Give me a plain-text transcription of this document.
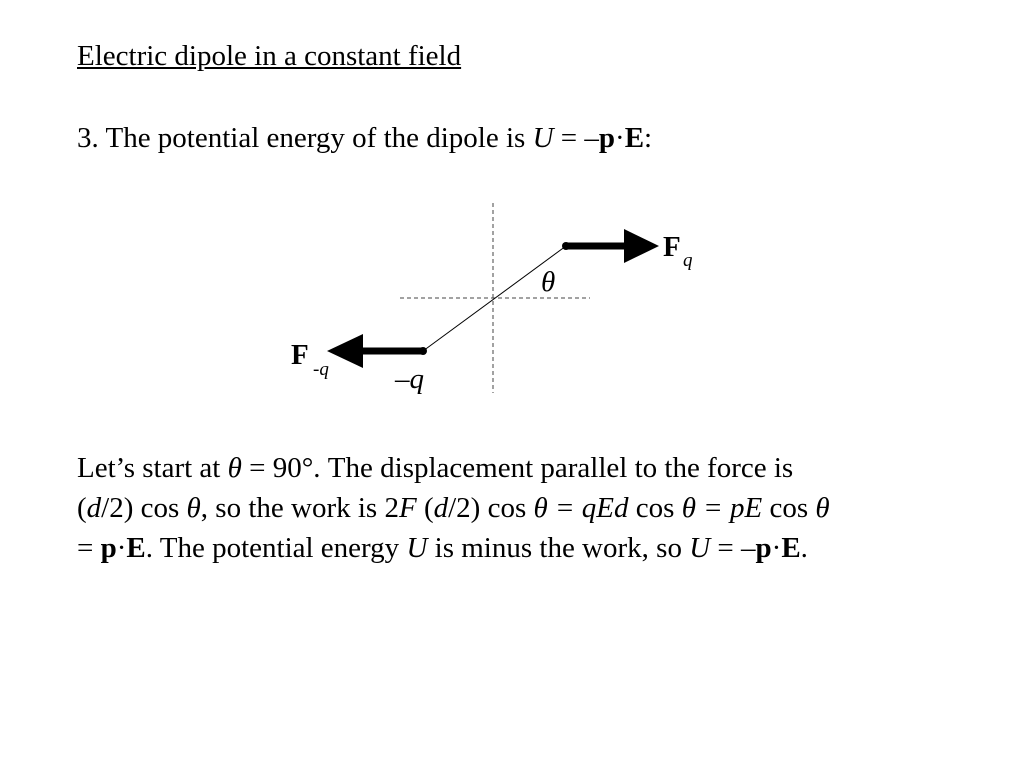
Electric dipole in a constant field
3. The potential energy of the dipole is U = –p·E:
F q
F -q
θ
–q
Let’s start at θ = 90°. The displacement parallel to the force is
(d/2) cos θ, so the work is 2F (d/2) cos θ = qEd cos θ = pE cos θ
= p·E. The potential energy U is minus the work, so U = –p·E.
